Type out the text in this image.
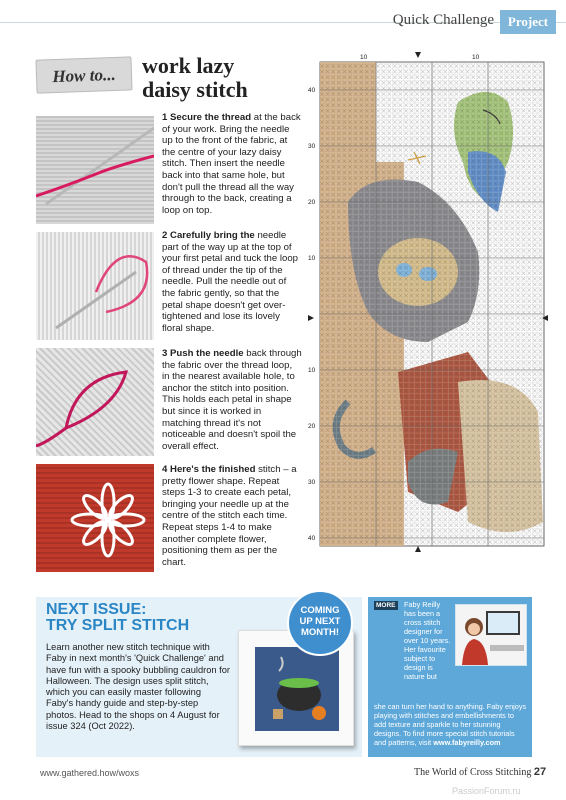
Quick Challenge	Project
How to...	work lazy
daisy stitch
1 Secure the thread at the back of your work. Bring the needle up to the front of the fabric, at the centre of your lazy daisy stitch. Then insert the needle back into that same hole, but don't pull the thread all the way through to the back, creating a loop on top.
2 Carefully bring the needle part of the way up at the top of your first petal and tuck the loop of thread under the tip of the needle. Pull the needle out of the fabric gently, so that the petal shape doesn't get over-tightened and lose its lovely floral shape.
3 Push the needle back through the fabric over the thread loop, in the nearest available hole, to anchor the stitch into position. This holds each petal in shape but since it is worked in matching thread it's not noticeable and doesn't spoil the overall effect.
4 Here's the finished stitch – a pretty flower shape. Repeat steps 1-3 to create each petal, bringing your needle up at the centre of the stitch each time. Repeat steps 1-4 to make another complete flower, positioning them as per the chart.
10	10
40
30
20
10
10
20
30
40
NEXT ISSUE:
TRY SPLIT STITCH
Learn another new stitch technique with Faby in next month's 'Quick Challenge' and have fun with a spooky bubbling cauldron for Halloween. The design uses split stitch, which you can easily master following Faby's handy guide and step-by-step photos. Head to the shops on 4 August for issue 324 (Oct 2022).
COMING
UP NEXT
MONTH!
MORE Faby Reilly has been a cross stitch designer for over 10 years. Her favourite subject to design is nature but
she can turn her hand to anything. Faby enjoys playing with stitches and embellishments to add texture and sparkle to her stunning designs. To find more special stitch tutorials and patterns, visit www.fabyreilly.com
www.gathered.how/woxs	The World of Cross Stitching 27
PassionForum.ru
